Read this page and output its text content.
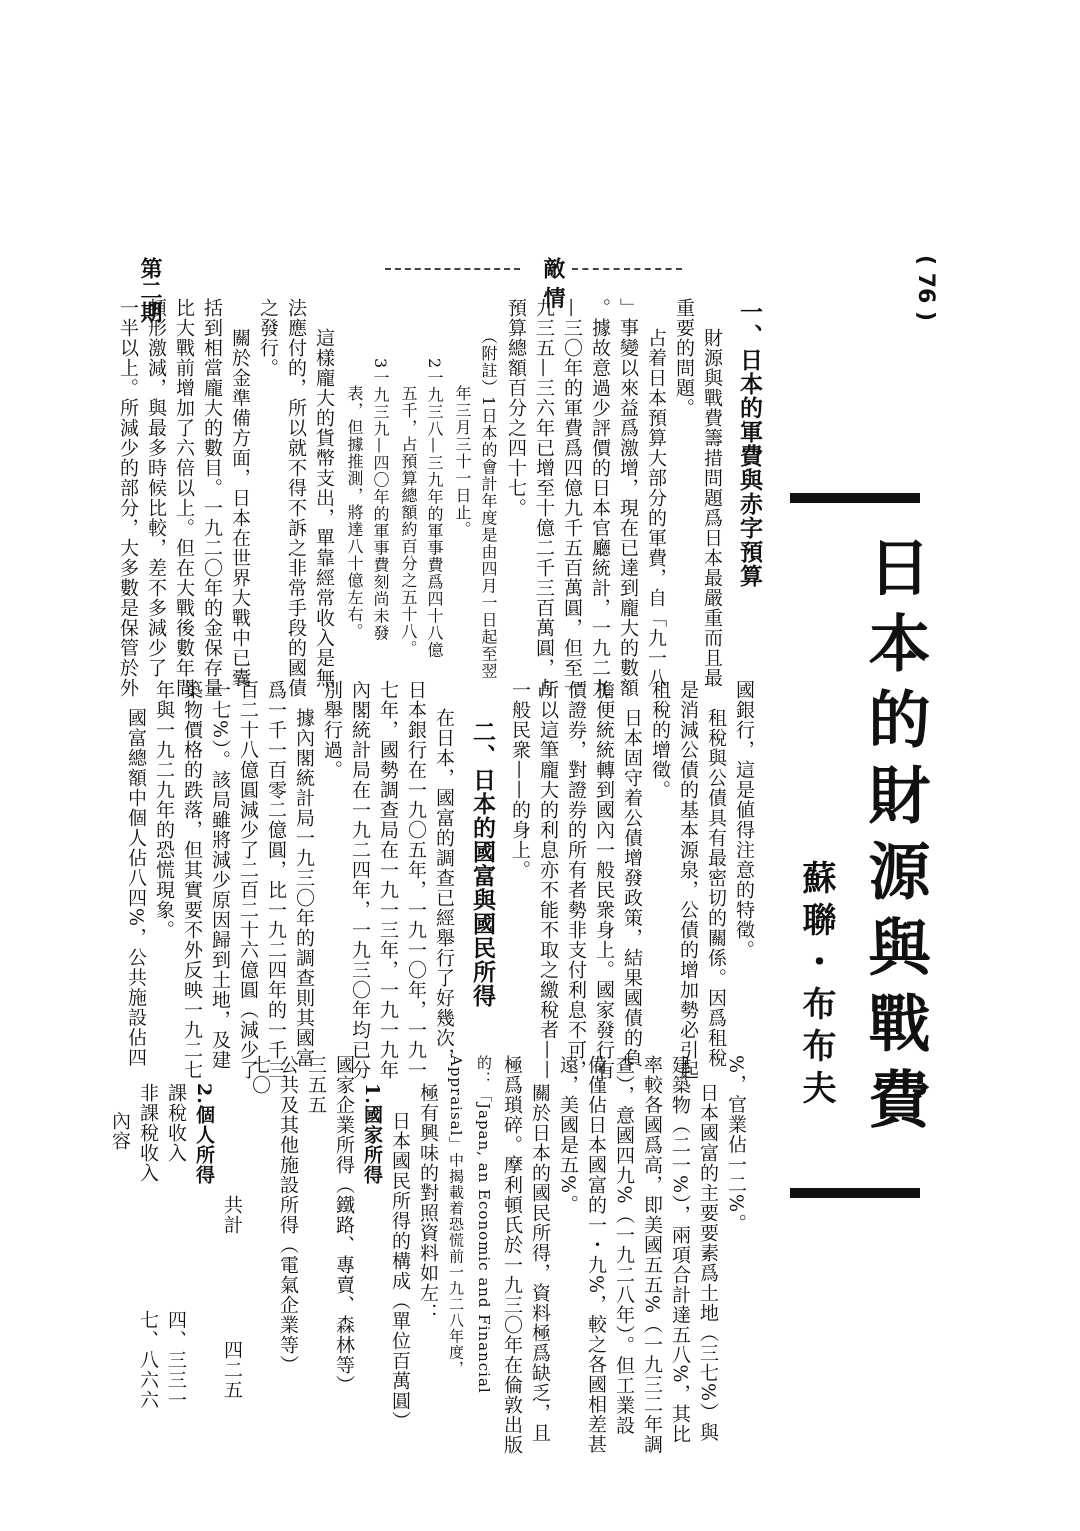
( 76 )
敵 情
第二期
日本的財源與戰費
蘇聯・布布夫
一、日本的軍費與赤字預算
財源與戰費籌措問題爲日本最嚴重而且最
重要的問題。
占着日本預算大部分的軍費，自「九一八
」事變以來益爲激增，現在已達到龐大的數額
。據故意過少評價的日本官廳統計，一九二九
—三〇年的軍費爲四億九千五百萬圓，但至一
九三五—三六年已增至十億二千三百萬圓，占
預算總額百分之四十七。
（附註）1日本的會計年度是由四月一日起至翌
年三月三十一日止。
2一九三八—三九年的軍事費爲四十八億
五千，占預算總額約百分之五十八。
3一九三九—四〇年的軍事費刻尚未發
表，但據推測，將達八十億左右。
這樣龐大的貨幣支出，單靠經常收入是無
法應付的，所以就不得不訴之非常手段的國債
之發行。
關於金準備方面，日本在世界大戰中已囊
括到相當龐大的數目。一九二〇年的金保存量
比大戰前增加了六倍以上。但在大戰後數年間
頓形激減，與最多時候比較，差不多減少了
一半以上。所減少的部分，大多數是保管於外
國銀行，這是値得注意的特徵。
租稅與公債具有最密切的關係。因爲租稅
是消減公債的基本源泉，公債的增加勢必引起
租稅的增徵。
日本固守着公債增發政策，結果國債的負
擔便統統轉到國內一般民衆身上。國家發行有
價證券，對證券的所有者勢非支付利息不可，
所以這筆龐大的利息亦不能不取之繳稅者——
一般民衆——的身上。
二、日本的國富與國民所得
在日本，國富的調查已經舉行了好幾次，
日本銀行在一九〇五年，一九一〇年，一九一
七年，國勢調查局在一九一三年，一九一九年
內閣統計局在一九二四年，一九三〇年均已分
別舉行過。
據內閣統計局一九三〇年的調查則其國富
爲一千一百零二億圓，比一九二四年的一千三
百二十八億圓減少了二百二十六億圓（減少了
一七%）。該局雖將減少原因歸到土地，及建
築物價格的跌落，但其實要不外反映一九二七
年與一九二九年的恐慌現象。
國富總額中個人佔八四%，公共施設佔四
%，官業佔一二%。
日本國富的主要要素爲土地（三七%）與
建築物（二一%），兩項合計達五八%，其比
率較各國爲高，即美國五五%（一九三二年調
查），意國四九%（一九二八年）。但工業設
備僅佔日本國富的一・九%，較之各國相差甚
遠，美國是五%。
關於日本的國民所得，資料極爲缺乏，且
極爲瑣碎。摩利頓氏於一九三〇年在倫敦出版
的：「Japan, an Economic and Financial
Appraisal」中揭載着恐慌前一九二八年度，
極有興味的對照資料如左：
日本國民所得的構成（單位百萬圓）
1.國家所得
國家企業所得（鐵路、專賣、森林等）
三五五
公共及其他施設所得（電氣企業等）
七〇
共計
四二五
2.個人所得
課稅收入
四、三三一
非課稅收入
七、八六六
內容
